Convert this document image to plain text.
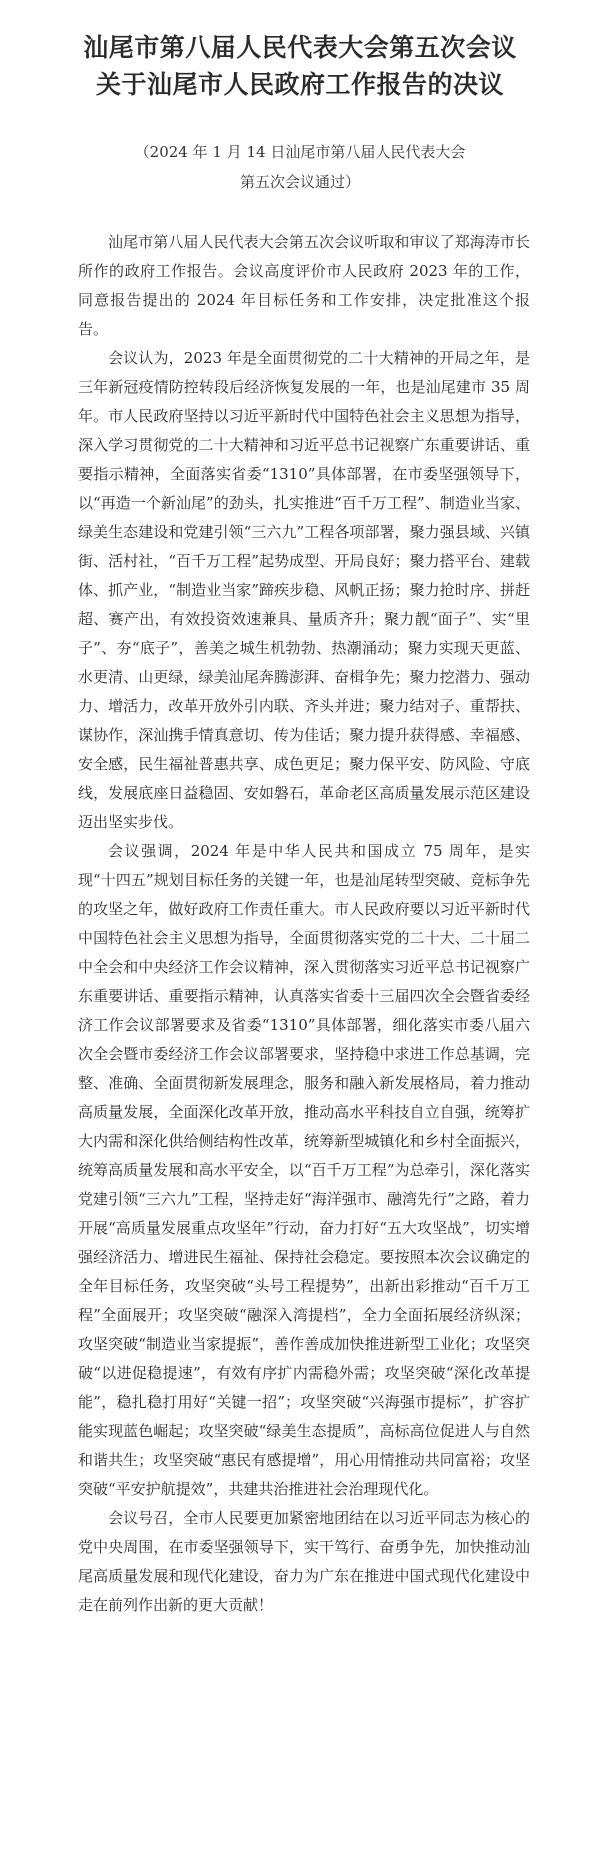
汕尾市第八届人民代表大会第五次会议
关于汕尾市人民政府工作报告的决议
（2024 年 1 月 14 日汕尾市第八届人民代表大会
第五次会议通过）

汕尾市第八届人民代表大会第五次会议听取和审议了郑海涛市长所作的政府工作报告。会议高度评价市人民政府 2023 年的工作，同意报告提出的 2024 年目标任务和工作安排，决定批准这个报告。

会议认为，2023 年是全面贯彻党的二十大精神的开局之年，是三年新冠疫情防控转段后经济恢复发展的一年，也是汕尾建市 35 周年。市人民政府坚持以习近平新时代中国特色社会主义思想为指导，深入学习贯彻党的二十大精神和习近平总书记视察广东重要讲话、重要指示精神，全面落实省委“1310”具体部署，在市委坚强领导下，以“再造一个新汕尾”的劲头，扎实推进“百千万工程”、制造业当家、绿美生态建设和党建引领“三六九”工程各项部署，聚力强县域、兴镇街、活村社，“百千万工程”起势成型、开局良好；聚力搭平台、建载体、抓产业，“制造业当家”蹄疾步稳、风帆正扬；聚力抢时序、拼赶超、赛产出，有效投资效速兼具、量质齐升；聚力靓“面子”、实“里子”、夯“底子”，善美之城生机勃勃、热潮涌动；聚力实现天更蓝、水更清、山更绿，绿美汕尾奔腾澎湃、奋楫争先；聚力挖潜力、强动力、增活力，改革开放外引内联、齐头并进；聚力结对子、重帮扶、谋协作，深汕携手情真意切、传为佳话；聚力提升获得感、幸福感、安全感，民生福祉普惠共享、成色更足；聚力保平安、防风险、守底线，发展底座日益稳固、安如磐石，革命老区高质量发展示范区建设迈出坚实步伐。

会议强调，2024 年是中华人民共和国成立 75 周年，是实现“十四五”规划目标任务的关键一年，也是汕尾转型突破、竞标争先的攻坚之年，做好政府工作责任重大。市人民政府要以习近平新时代中国特色社会主义思想为指导，全面贯彻落实党的二十大、二十届二中全会和中央经济工作会议精神，深入贯彻落实习近平总书记视察广东重要讲话、重要指示精神，认真落实省委十三届四次全会暨省委经济工作会议部署要求及省委“1310”具体部署，细化落实市委八届六次全会暨市委经济工作会议部署要求，坚持稳中求进工作总基调，完整、准确、全面贯彻新发展理念，服务和融入新发展格局，着力推动高质量发展，全面深化改革开放，推动高水平科技自立自强，统筹扩大内需和深化供给侧结构性改革，统筹新型城镇化和乡村全面振兴，统筹高质量发展和高水平安全，以“百千万工程”为总牵引，深化落实党建引领“三六九”工程，坚持走好“海洋强市、融湾先行”之路，着力开展“高质量发展重点攻坚年”行动，奋力打好“五大攻坚战”，切实增强经济活力、增进民生福祉、保持社会稳定。要按照本次会议确定的全年目标任务，攻坚突破“头号工程提势”，出新出彩推动“百千万工程”全面展开；攻坚突破“融深入湾提档”，全力全面拓展经济纵深；攻坚突破“制造业当家提振”，善作善成加快推进新型工业化；攻坚突破“以进促稳提速”，有效有序扩内需稳外需；攻坚突破“深化改革提能”，稳扎稳打用好“关键一招”；攻坚突破“兴海强市提标”，扩容扩能实现蓝色崛起；攻坚突破“绿美生态提质”，高标高位促进人与自然和谐共生；攻坚突破“惠民有感提增”，用心用情推动共同富裕；攻坚突破“平安护航提效”，共建共治推进社会治理现代化。

会议号召，全市人民要更加紧密地团结在以习近平同志为核心的党中央周围，在市委坚强领导下，实干笃行、奋勇争先，加快推动汕尾高质量发展和现代化建设，奋力为广东在推进中国式现代化建设中走在前列作出新的更大贡献！
